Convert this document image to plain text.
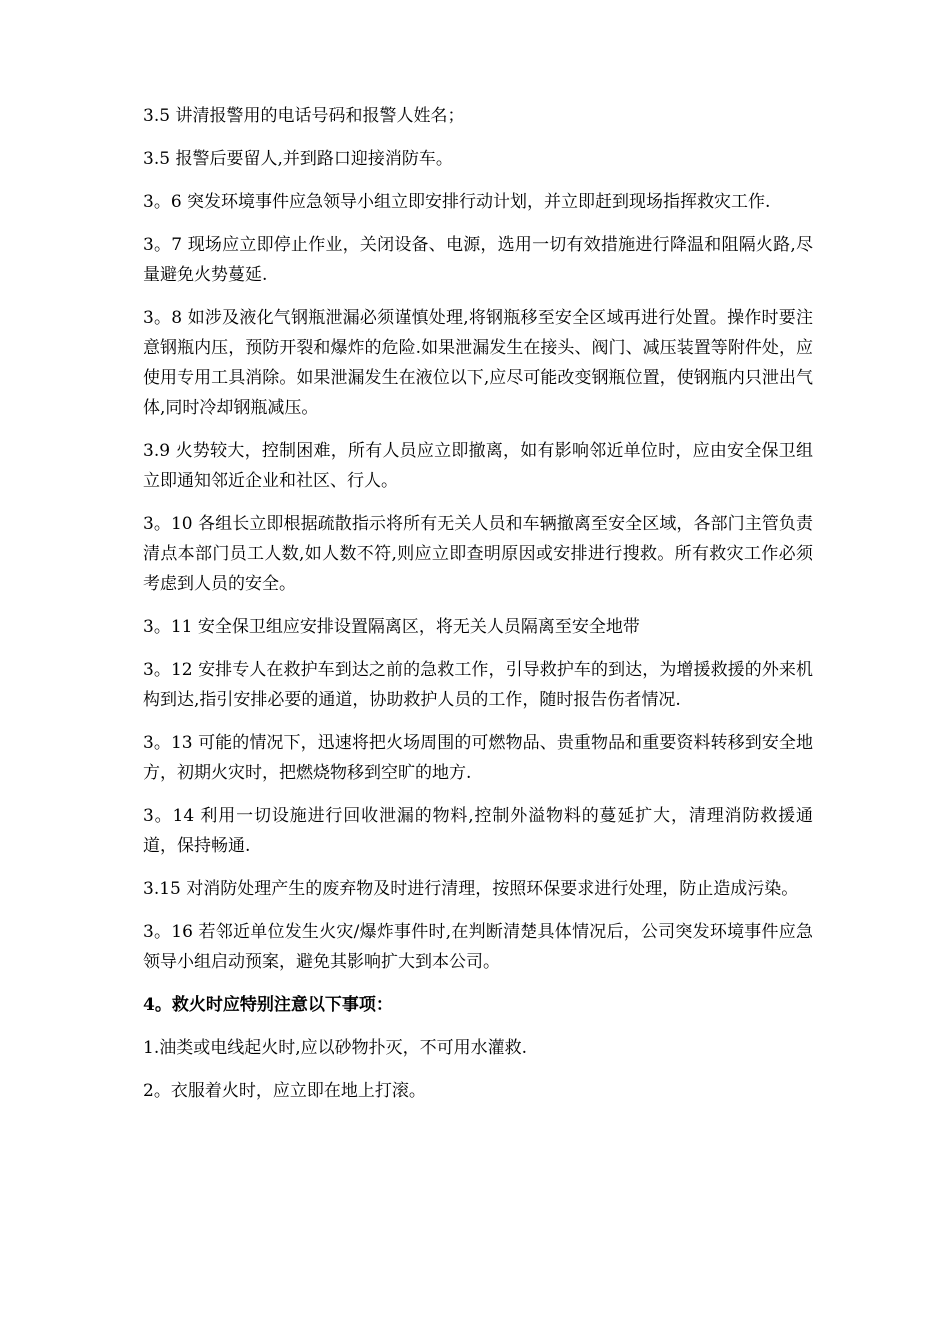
3.5 讲清报警用的电话号码和报警人姓名；

3.5 报警后要留人,并到路口迎接消防车。

3。6 突发环境事件应急领导小组立即安排行动计划，并立即赶到现场指挥救灾工作.

3。7 现场应立即停止作业，关闭设备、电源，选用一切有效措施进行降温和阻隔火路,尽量避免火势蔓延.

3。8 如涉及液化气钢瓶泄漏必须谨慎处理,将钢瓶移至安全区域再进行处置。操作时要注意钢瓶内压，预防开裂和爆炸的危险.如果泄漏发生在接头、阀门、减压装置等附件处，应使用专用工具消除。如果泄漏发生在液位以下,应尽可能改变钢瓶位置，使钢瓶内只泄出气体,同时冷却钢瓶减压。

3.9 火势较大，控制困难，所有人员应立即撤离，如有影响邻近单位时，应由安全保卫组立即通知邻近企业和社区、行人。

3。10 各组长立即根据疏散指示将所有无关人员和车辆撤离至安全区域，各部门主管负责清点本部门员工人数,如人数不符,则应立即查明原因或安排进行搜救。所有救灾工作必须考虑到人员的安全。

3。11 安全保卫组应安排设置隔离区，将无关人员隔离至安全地带

3。12 安排专人在救护车到达之前的急救工作，引导救护车的到达，为增援救援的外来机构到达,指引安排必要的通道，协助救护人员的工作，随时报告伤者情况.

3。13 可能的情况下，迅速将把火场周围的可燃物品、贵重物品和重要资料转移到安全地方，初期火灾时，把燃烧物移到空旷的地方.

3。14 利用一切设施进行回收泄漏的物料,控制外溢物料的蔓延扩大，清理消防救援通道，保持畅通.

3.15 对消防处理产生的废弃物及时进行清理，按照环保要求进行处理，防止造成污染。

3。16 若邻近单位发生火灾/爆炸事件时,在判断清楚具体情况后，公司突发环境事件应急领导小组启动预案，避免其影响扩大到本公司。

4。救火时应特别注意以下事项：

1.油类或电线起火时,应以砂物扑灭，不可用水灌救.

2。衣服着火时，应立即在地上打滚。
